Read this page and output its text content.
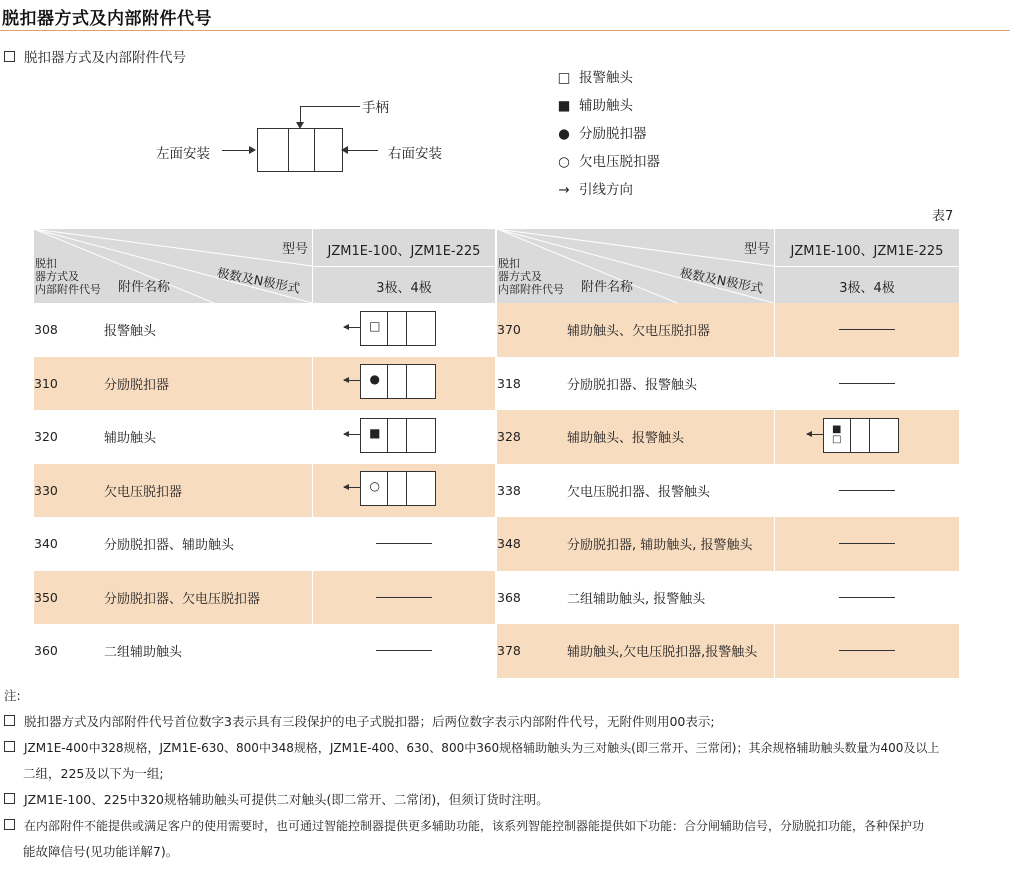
脱扣器方式及内部附件代号
脱扣器方式及内部附件代号
手柄
左面安装	右面安装
□ 报警触头
■ 辅助触头
● 分励脱扣器
○ 欠电压脱扣器
→ 引线方向
表7
型号
极数及N极形式
脱扣
器方式及
内部附件代号 附件名称
JZM1E-100、JZM1E-225
3极、4极
308	报警触头	□

310	分励脱扣器	●

320	辅助触头	■

330	欠电压脱扣器	○

340	分励脱扣器、辅助触头	
350	分励脱扣器、欠电压脱扣器	
360	二组辅助触头	
型号
极数及N极形式
脱扣
器方式及
内部附件代号 附件名称
JZM1E-100、JZM1E-225
3极、4极
370	辅助触头、欠电压脱扣器	
318	分励脱扣器、报警触头	
328	辅助触头、报警触头	■□

338	欠电压脱扣器、报警触头	
348	分励脱扣器, 辅助触头, 报警触头	
368	二组辅助触头, 报警触头	
378	辅助触头,欠电压脱扣器,报警触头	
注:
脱扣器方式及内部附件代号首位数字3表示具有三段保护的电子式脱扣器；后两位数字表示内部附件代号，无附件则用00表示;
JZM1E-400中328规格，JZM1E-630、800中348规格，JZM1E-400、630、800中360规格辅助触头为三对触头(即三常开、三常闭)；其余规格辅助触头数量为400及以上
二组，225及以下为一组;
JZM1E-100、225中320规格辅助触头可提供二对触头(即二常开、二常闭)，但须订货时注明。
在内部附件不能提供或满足客户的使用需要时，也可通过智能控制器提供更多辅助功能，该系列智能控制器能提供如下功能：合分闸辅助信号，分励脱扣功能，各种保护功
能故障信号(见功能详解7)。
